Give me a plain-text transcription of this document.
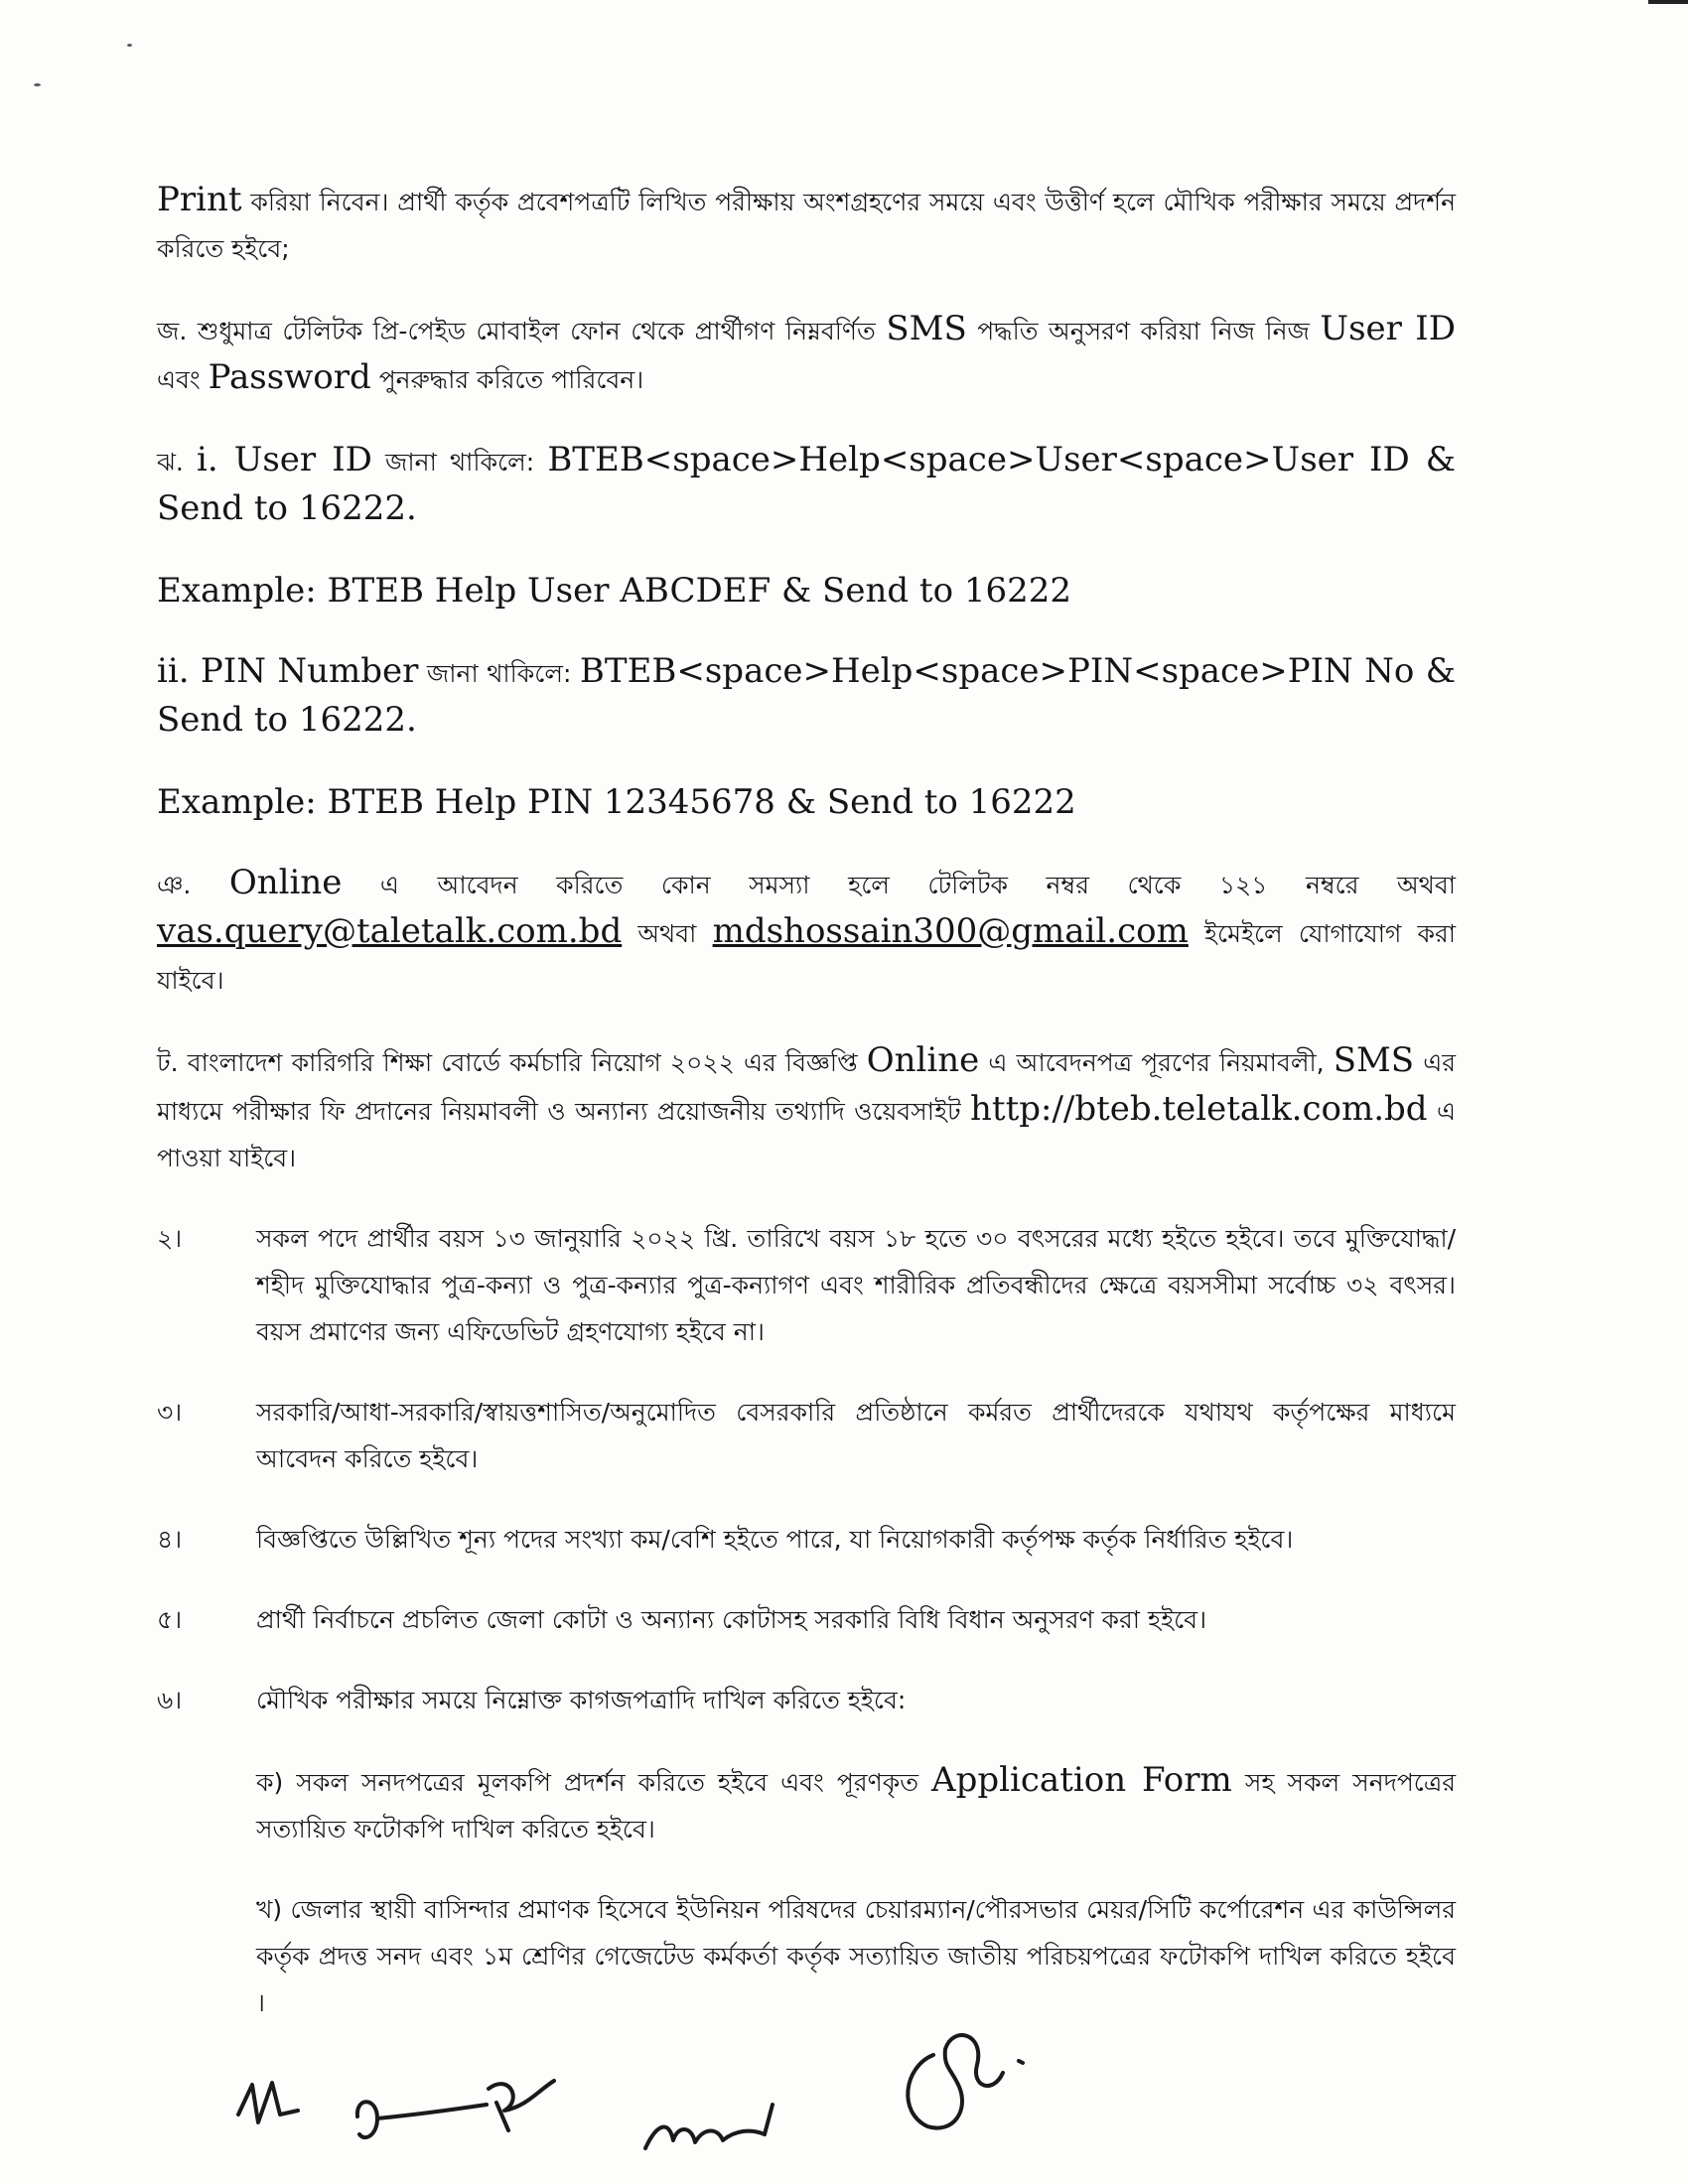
Print করিয়া নিবেন। প্রার্থী কর্তৃক প্রবেশপত্রটি লিখিত পরীক্ষায় অংশগ্রহণের সময়ে এবং উত্তীর্ণ হলে মৌখিক পরীক্ষার সময়ে প্রদর্শন করিতে হইবে;

জ. শুধুমাত্র টেলিটক প্রি-পেইড মোবাইল ফোন থেকে প্রার্থীগণ নিম্নবর্ণিত SMS পদ্ধতি অনুসরণ করিয়া নিজ নিজ User ID এবং Password পুনরুদ্ধার করিতে পারিবেন।

ঝ. i. User ID জানা থাকিলে: BTEB<space>Help<space>User<space>User ID & Send to 16222.

Example: BTEB Help User ABCDEF & Send to 16222

ii. PIN Number জানা থাকিলে: BTEB<space>Help<space>PIN<space>PIN No & Send to 16222.

Example: BTEB Help PIN 12345678 & Send to 16222

ঞ. Online এ আবেদন করিতে কোন সমস্যা হলে টেলিটক নম্বর থেকে ১২১ নম্বরে অথবা vas.query@taletalk.com.bd অথবা mdshossain300@gmail.com ইমেইলে যোগাযোগ করা যাইবে।

ট. বাংলাদেশ কারিগরি শিক্ষা বোর্ডে কর্মচারি নিয়োগ ২০২২ এর বিজ্ঞপ্তি Online এ আবেদনপত্র পূরণের নিয়মাবলী, SMS এর মাধ্যমে পরীক্ষার ফি প্রদানের নিয়মাবলী ও অন্যান্য প্রয়োজনীয় তথ্যাদি ওয়েবসাইট http://bteb.teletalk.com.bd এ পাওয়া যাইবে।

২।	সকল পদে প্রার্থীর বয়স ১৩ জানুয়ারি ২০২২ খ্রি. তারিখে বয়স ১৮ হতে ৩০ বৎসরের মধ্যে হইতে হইবে। তবে মুক্তিযোদ্ধা/ শহীদ মুক্তিযোদ্ধার পুত্র-কন্যা ও পুত্র-কন্যার পুত্র-কন্যাগণ এবং শারীরিক প্রতিবন্ধীদের ক্ষেত্রে বয়সসীমা সর্বোচ্চ ৩২ বৎসর। বয়স প্রমাণের জন্য এফিডেভিট গ্রহণযোগ্য হইবে না।
৩।	সরকারি/আধা-সরকারি/স্বায়ত্তশাসিত/অনুমোদিত বেসরকারি প্রতিষ্ঠানে কর্মরত প্রার্থীদেরকে যথাযথ কর্তৃপক্ষের মাধ্যমে আবেদন করিতে হইবে।
৪।	বিজ্ঞপ্তিতে উল্লিখিত শূন্য পদের সংখ্যা কম/বেশি হইতে পারে, যা নিয়োগকারী কর্তৃপক্ষ কর্তৃক নির্ধারিত হইবে।
৫।	প্রার্থী নির্বাচনে প্রচলিত জেলা কোটা ও অন্যান্য কোটাসহ সরকারি বিধি বিধান অনুসরণ করা হইবে।
৬।	মৌখিক পরীক্ষার সময়ে নিম্নোক্ত কাগজপত্রাদি দাখিল করিতে হইবে:

ক) সকল সনদপত্রের মূলকপি প্রদর্শন করিতে হইবে এবং পূরণকৃত Application Form সহ সকল সনদপত্রের সত্যায়িত ফটোকপি দাখিল করিতে হইবে।

খ) জেলার স্থায়ী বাসিন্দার প্রমাণক হিসেবে ইউনিয়ন পরিষদের চেয়ারম্যান/পৌরসভার মেয়র/সিটি কর্পোরেশন এর কাউন্সিলর কর্তৃক প্রদত্ত সনদ এবং ১ম শ্রেণির গেজেটেড কর্মকর্তা কর্তৃক সত্যায়িত জাতীয় পরিচয়পত্রের ফটোকপি দাখিল করিতে হইবে ।
